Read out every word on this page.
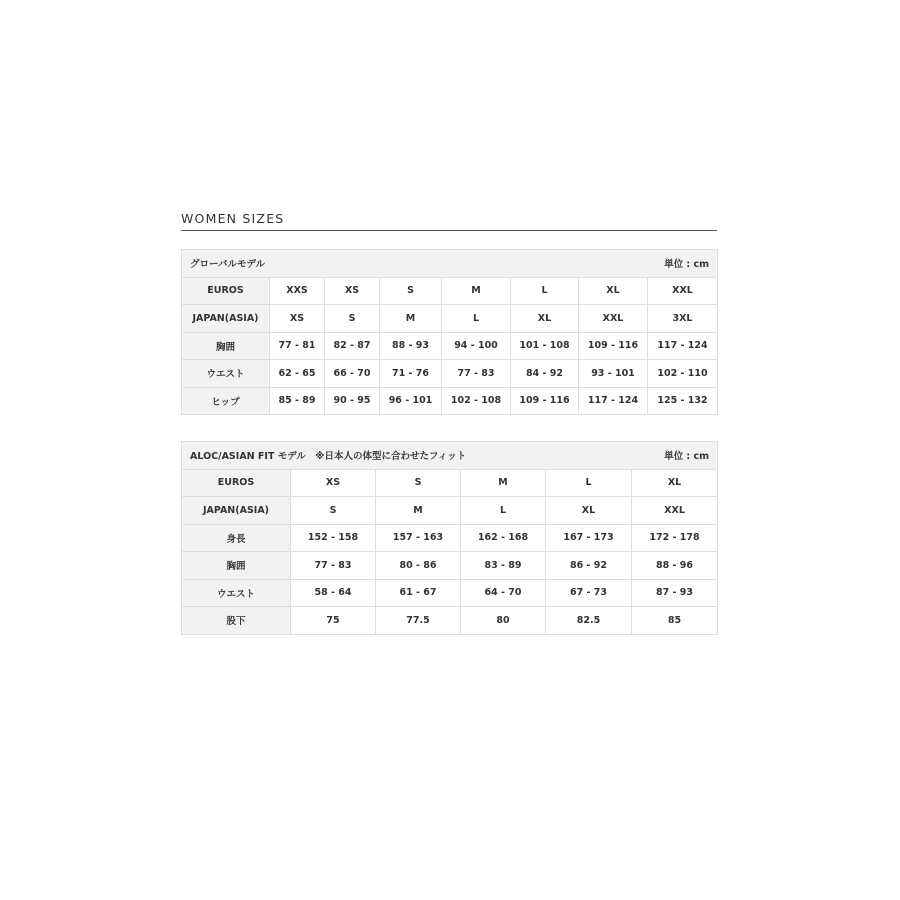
WOMEN SIZES
グローバルモデル 単位 : cm							

EUROS	XXS	XS	S	M	L	XL	XXL
JAPAN(ASIA)	XS	S	M	L	XL	XXL	3XL
胸囲	77 - 81	82 - 87	88 - 93	94 - 100	101 - 108	109 - 116	117 - 124
ウエスト	62 - 65	66 - 70	71 - 76	77 - 83	84 - 92	93 - 101	102 - 110
ヒップ	85 - 89	90 - 95	96 - 101	102 - 108	109 - 116	117 - 124	125 - 132
ALOC/ASIAN FIT モデル　※日本人の体型に合わせたフィット 単位 : cm					

EUROS	XS	S	M	L	XL
JAPAN(ASIA)	S	M	L	XL	XXL
身長	152 - 158	157 - 163	162 - 168	167 - 173	172 - 178
胸囲	77 - 83	80 - 86	83 - 89	86 - 92	88 - 96
ウエスト	58 - 64	61 - 67	64 - 70	67 - 73	87 - 93
股下	75	77.5	80	82.5	85
